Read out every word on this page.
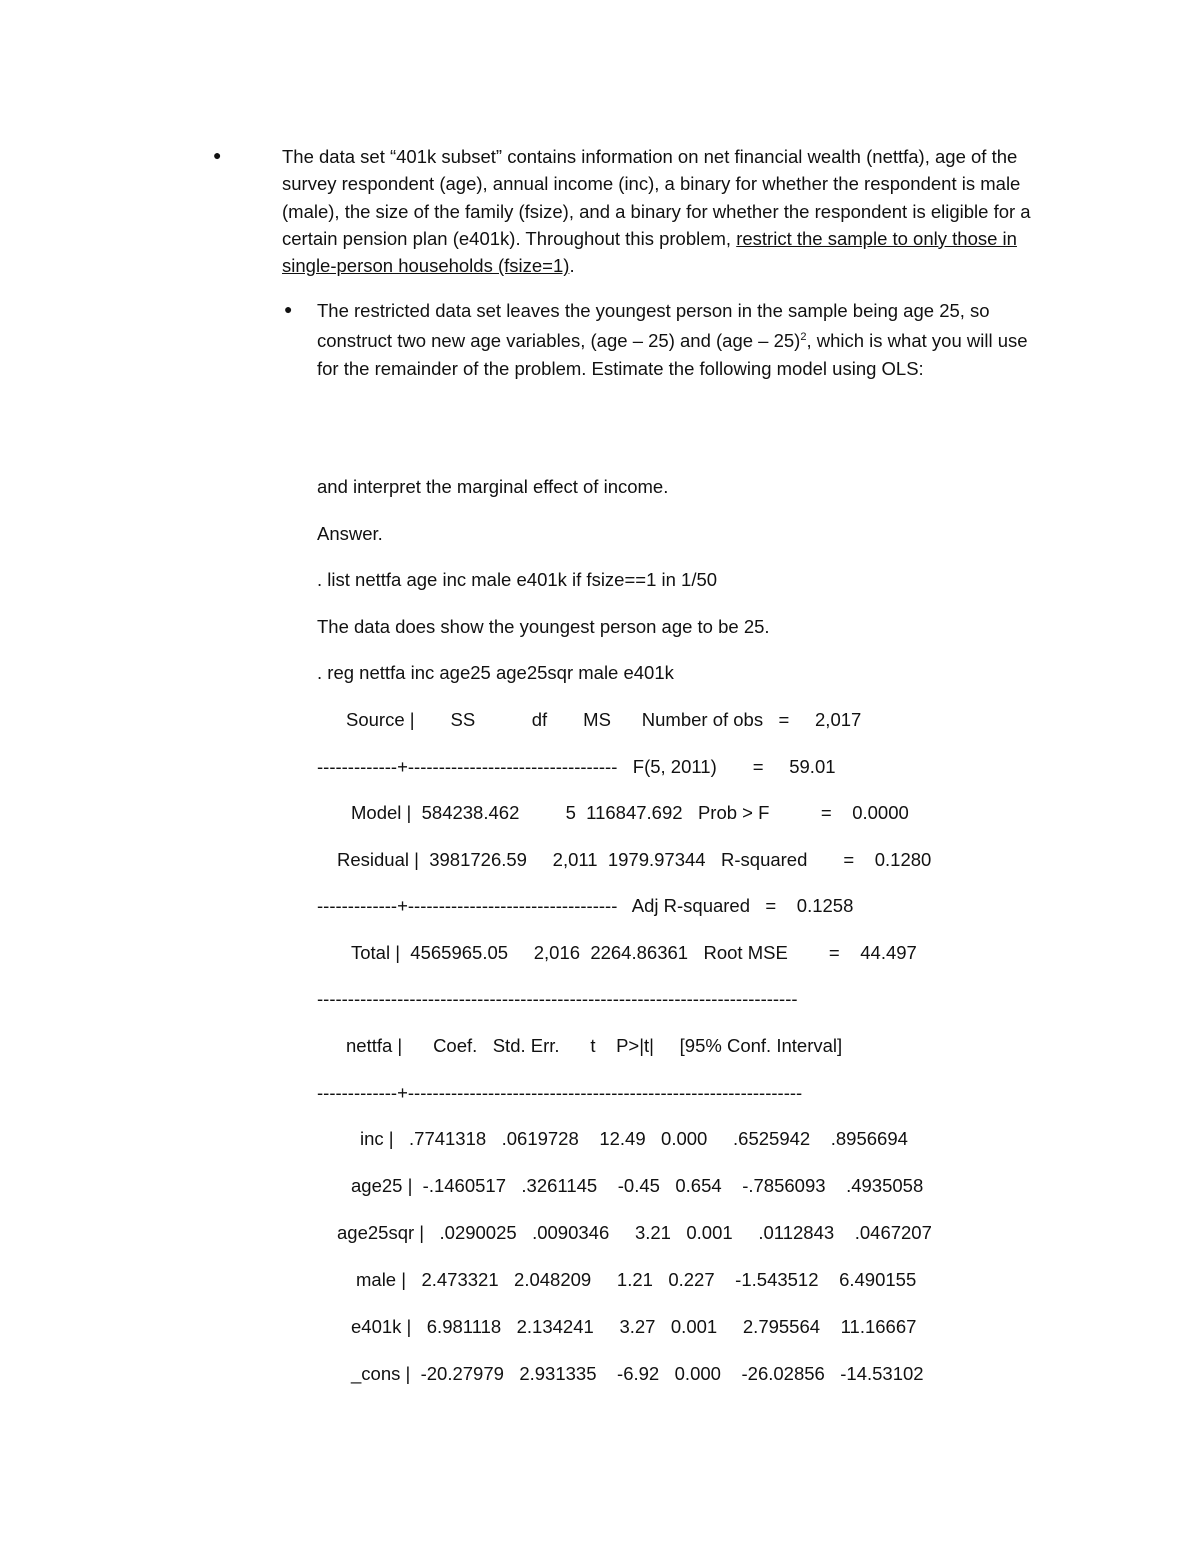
●	The data set “401k subset” contains information on net financial wealth (nettfa), age of the survey respondent (age), annual income (inc), a binary for whether the respondent is male (male), the size of the family (fsize), and a binary for whether the respondent is eligible for a certain pension plan (e401k). Throughout this problem, restrict the sample to only those in single-person households (fsize=1).
● The restricted data set leaves the youngest person in the sample being age 25, so construct two new age variables, (age – 25) and (age – 25)$^2$, which is what you will use for the remainder of the problem. Estimate the following model using OLS:
and interpret the marginal effect of income.
Answer.
. list nettfa age inc male e401k if fsize==1 in 1/50
The data does show the youngest person age to be 25.
. reg nettfa inc age25 age25sqr male e401k
Source |       SS           df       MS      Number of obs   =     2,017
-------------+----------------------------------   F(5, 2011)       =     59.01
Model |  584238.462         5  116847.692   Prob > F          =    0.0000
Residual |  3981726.59     2,011  1979.97344   R-squared       =    0.1280
-------------+----------------------------------   Adj R-squared   =    0.1258
Total |  4565965.05     2,016  2264.86361   Root MSE        =    44.497
------------------------------------------------------------------------------
nettfa |      Coef.   Std. Err.      t    P>|t|     [95% Conf. Interval]
-------------+----------------------------------------------------------------
inc |   .7741318   .0619728    12.49   0.000     .6525942    .8956694
age25 |  -.1460517   .3261145    -0.45   0.654    -.7856093    .4935058
age25sqr |   .0290025   .0090346     3.21   0.001     .0112843    .0467207
male |   2.473321   2.048209     1.21   0.227    -1.543512    6.490155
e401k |   6.981118   2.134241     3.27   0.001     2.795564    11.16667
_cons |  -20.27979   2.931335    -6.92   0.000    -26.02856   -14.53102
